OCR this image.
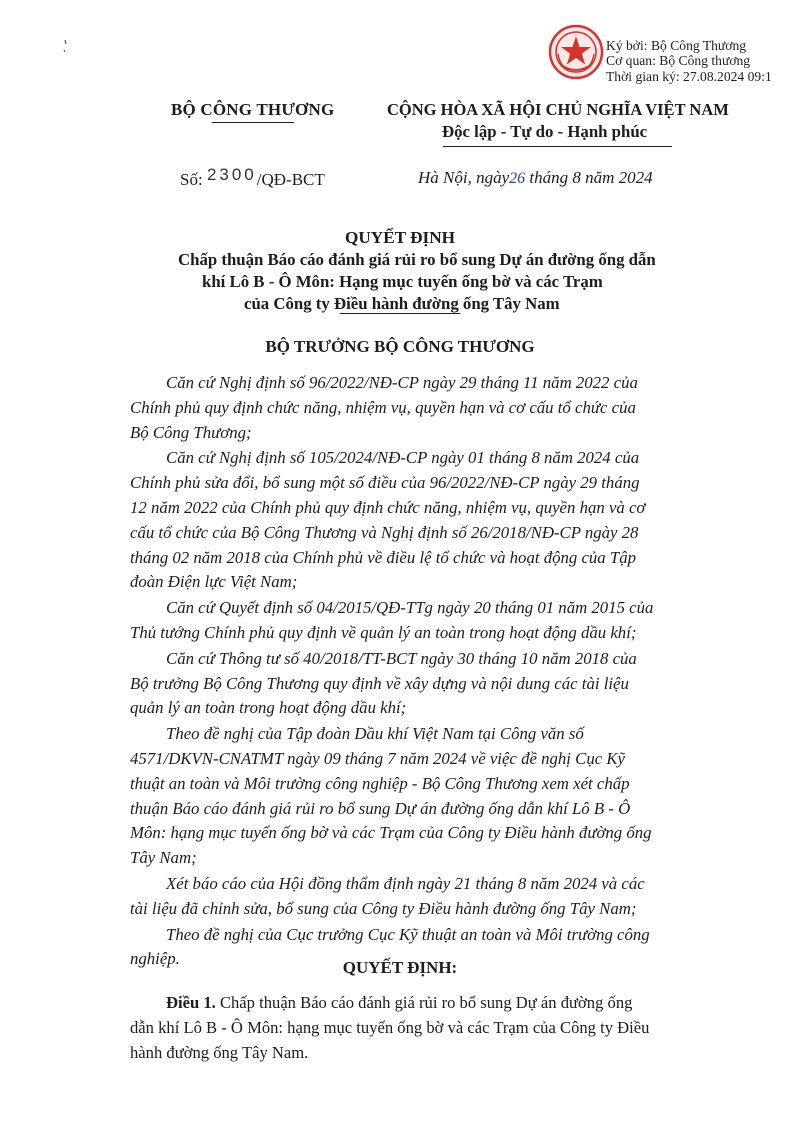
Ký bởi: Bộ Công Thương
Cơ quan: Bộ Công thương
Thời gian ký: 27.08.2024 09:1
BỘ CÔNG THƯƠNG	CỘNG HÒA XÃ HỘI CHỦ NGHĨA VIỆT NAM
Độc lập - Tự do - Hạnh phúc
Số: 2300/QĐ-BCT	Hà Nội, ngày26 tháng 8 năm 2024
QUYẾT ĐỊNH
Chấp thuận Báo cáo đánh giá rủi ro bổ sung Dự án đường ống dẫn
khí Lô B - Ô Môn: Hạng mục tuyến ống bờ và các Trạm
của Công ty Điều hành đường ống Tây Nam
BỘ TRƯỞNG BỘ CÔNG THƯƠNG

Căn cứ Nghị định số 96/2022/NĐ-CP ngày 29 tháng 11 năm 2022 của
Chính phủ quy định chức năng, nhiệm vụ, quyền hạn và cơ cấu tổ chức của
Bộ Công Thương;

Căn cứ Nghị định số 105/2024/NĐ-CP ngày 01 tháng 8 năm 2024 của
Chính phủ sửa đổi, bổ sung một số điều của 96/2022/NĐ-CP ngày 29 tháng
12 năm 2022 của Chính phủ quy định chức năng, nhiệm vụ, quyền hạn và cơ
cấu tổ chức của Bộ Công Thương và Nghị định số 26/2018/NĐ-CP ngày 28
tháng 02 năm 2018 của Chính phủ về điều lệ tổ chức và hoạt động của Tập
đoàn Điện lực Việt Nam;

Căn cứ Quyết định số 04/2015/QĐ-TTg ngày 20 tháng 01 năm 2015 của
Thủ tướng Chính phủ quy định về quản lý an toàn trong hoạt động dầu khí;

Căn cứ Thông tư số 40/2018/TT-BCT ngày 30 tháng 10 năm 2018 của
Bộ trưởng Bộ Công Thương quy định về xây dựng và nội dung các tài liệu
quản lý an toàn trong hoạt động dầu khí;

Theo đề nghị của Tập đoàn Dầu khí Việt Nam tại Công văn số
4571/DKVN-CNATMT ngày 09 tháng 7 năm 2024 về việc đề nghị Cục Kỹ
thuật an toàn và Môi trường công nghiệp - Bộ Công Thương xem xét chấp
thuận Báo cáo đánh giá rủi ro bổ sung Dự án đường ống dẫn khí Lô B - Ô
Môn: hạng mục tuyến ống bờ và các Trạm của Công ty Điều hành đường ống
Tây Nam;

Xét báo cáo của Hội đồng thẩm định ngày 21 tháng 8 năm 2024 và các
tài liệu đã chỉnh sửa, bổ sung của Công ty Điều hành đường ống Tây Nam;

Theo đề nghị của Cục trưởng Cục Kỹ thuật an toàn và Môi trường công
nghiệp.	QUYẾT ĐỊNH:
Điều 1. Chấp thuận Báo cáo đánh giá rủi ro bổ sung Dự án đường ống
dẫn khí Lô B - Ô Môn: hạng mục tuyến ống bờ và các Trạm của Công ty Điều
hành đường ống Tây Nam.
